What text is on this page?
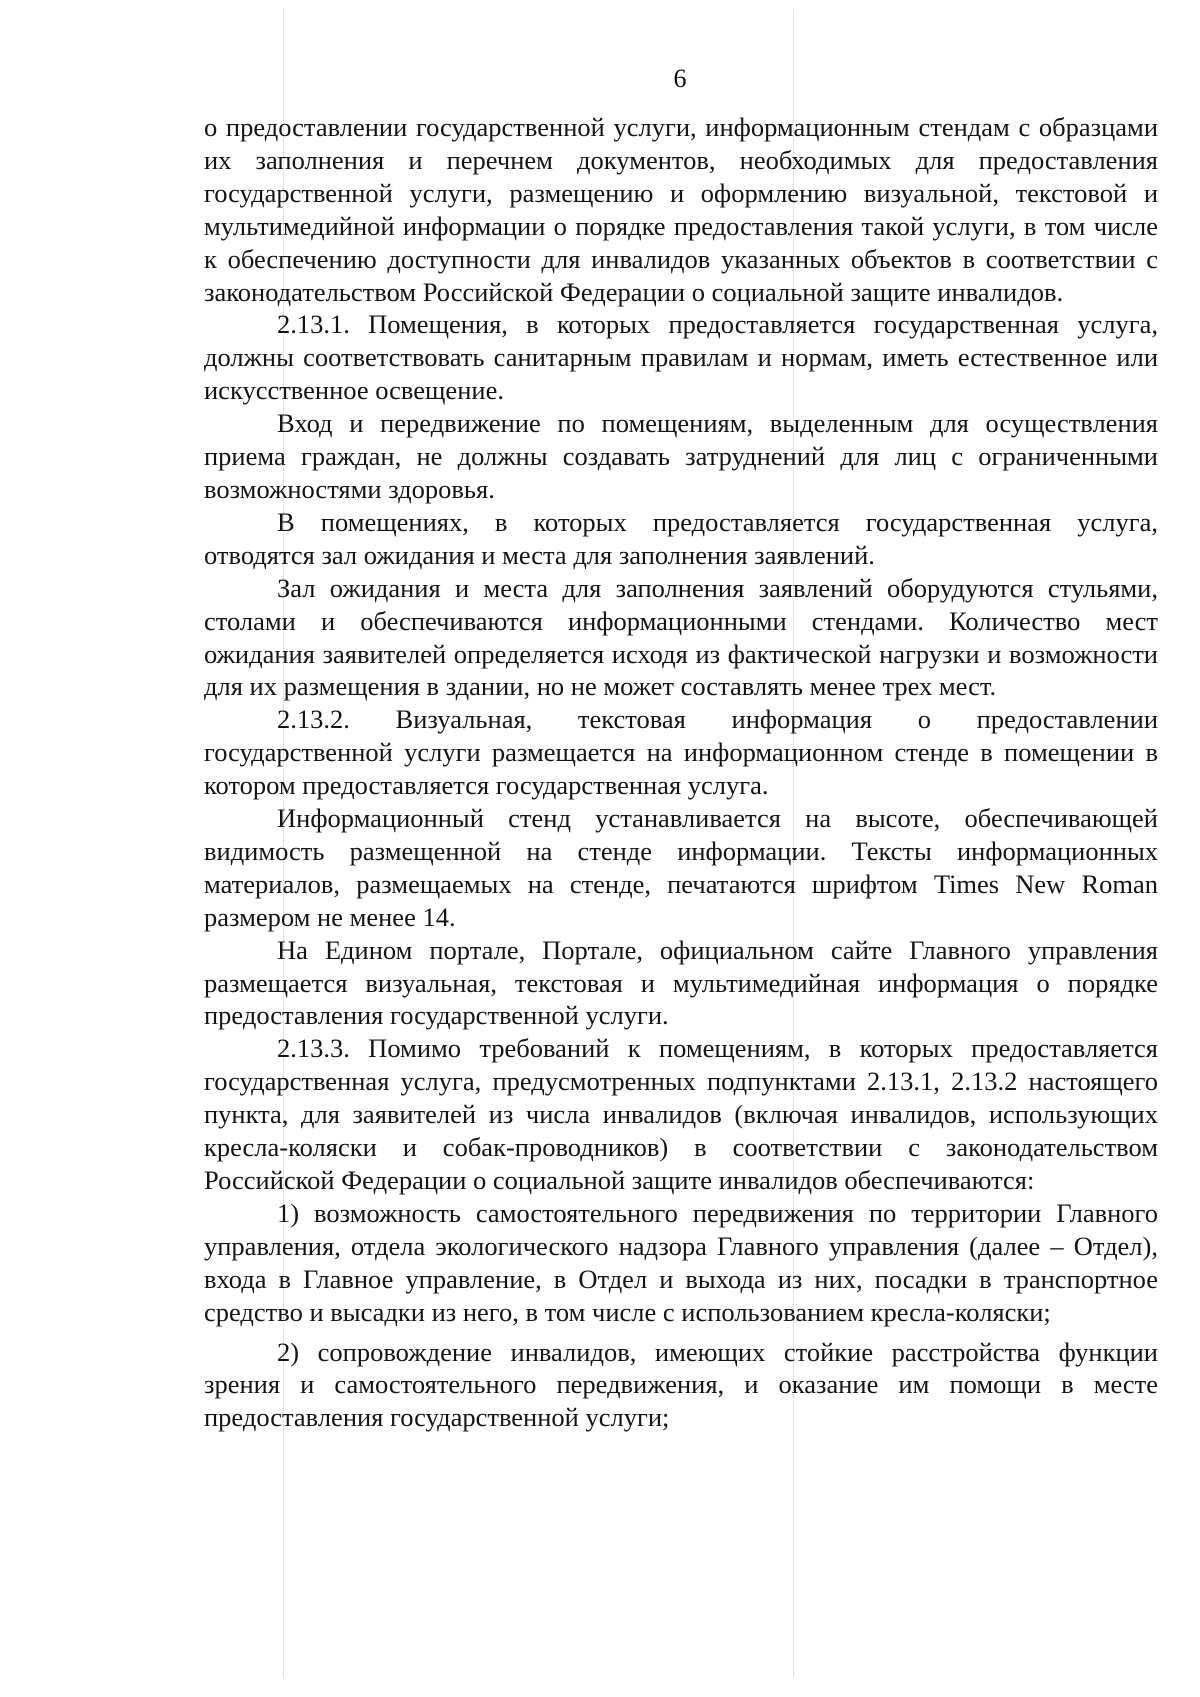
6

о предоставлении государственной услуги, информационным стендам с образцами их заполнения и перечнем документов, необходимых для предоставления государственной услуги, размещению и оформлению визуальной, текстовой и мультимедийной информации о порядке предоставления такой услуги, в том числе к обеспечению доступности для инвалидов указанных объектов в соответствии с законодательством Российской Федерации о социальной защите инвалидов.

2.13.1. Помещения, в которых предоставляется государственная услуга, должны соответствовать санитарным правилам и нормам, иметь естественное или искусственное освещение.

Вход и передвижение по помещениям, выделенным для осуществления приема граждан, не должны создавать затруднений для лиц с ограниченными возможностями здоровья.

В помещениях, в которых предоставляется государственная услуга, отводятся зал ожидания и места для заполнения заявлений.

Зал ожидания и места для заполнения заявлений оборудуются стульями, столами и обеспечиваются информационными стендами. Количество мест ожидания заявителей определяется исходя из фактической нагрузки и возможности для их размещения в здании, но не может составлять менее трех мест.

2.13.2. Визуальная, текстовая информация о предоставлении государственной услуги размещается на информационном стенде в помещении в котором предоставляется государственная услуга.

Информационный стенд устанавливается на высоте, обеспечивающей видимость размещенной на стенде информации. Тексты информационных материалов, размещаемых на стенде, печатаются шрифтом Times New Roman размером не менее 14.

На Едином портале, Портале, официальном сайте Главного управления размещается визуальная, текстовая и мультимедийная информация о порядке предоставления государственной услуги.

2.13.3. Помимо требований к помещениям, в которых предоставляется государственная услуга, предусмотренных подпунктами 2.13.1, 2.13.2 настоящего пункта, для заявителей из числа инвалидов (включая инвалидов, использующих кресла-коляски и собак-проводников) в соответствии с законодательством Российской Федерации о социальной защите инвалидов обеспечиваются:

1) возможность самостоятельного передвижения по территории Главного управления, отдела экологического надзора Главного управления (далее – Отдел), входа в Главное управление, в Отдел и выхода из них, посадки в транспортное средство и высадки из него, в том числе с использованием кресла-коляски;

2) сопровождение инвалидов, имеющих стойкие расстройства функции зрения и самостоятельного передвижения, и оказание им помощи в месте предоставления государственной услуги;
